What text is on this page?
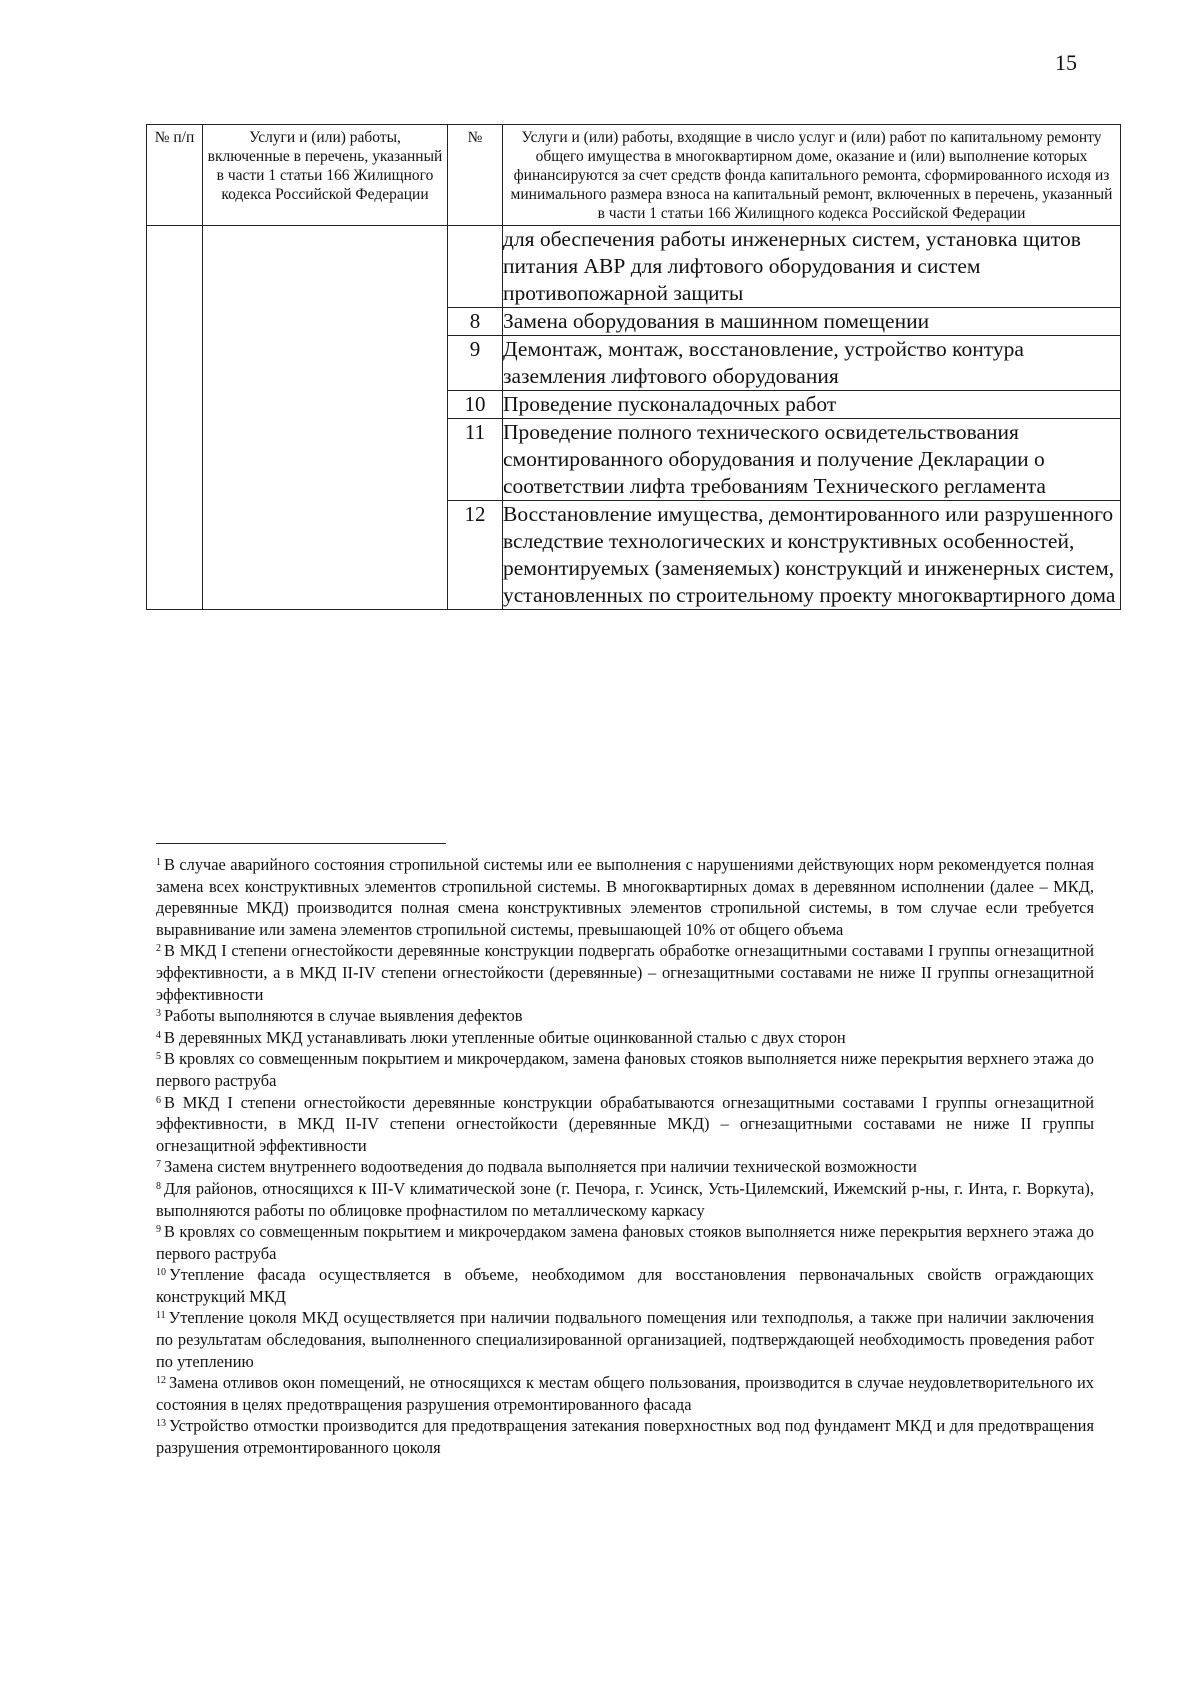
15
№ п/п	Услуги и (или) работы, включенные в перечень, указанный в части 1 статьи 166 Жилищного кодекса Российской Федерации	№	Услуги и (или) работы, входящие в число услуг и (или) работ по капитальному ремонту общего имущества в многоквартирном доме, оказание и (или) выполнение которых финансируются за счет средств фонда капитального ремонта, сформированного исходя из минимального размера взноса на капитальный ремонт, включенных в перечень, указанный в части 1 статьи 166 Жилищного кодекса Российской Федерации
			для обеспечения работы инженерных систем, установка щитов питания АВР для лифтового оборудования и систем противопожарной защиты
		8	Замена оборудования в машинном помещении
		9	Демонтаж, монтаж, восстановление, устройство контура заземления лифтового оборудования
		10	Проведение пусконаладочных работ
		11	Проведение полного технического освидетельствования смонтированного оборудования и получение Декларации о соответствии лифта требованиям Технического регламента
		12	Восстановление имущества, демонтированного или разрушенного вследствие технологических и конструктивных особенностей, ремонтируемых (заменяемых) конструкций и инженерных систем, установленных по строительному проекту многоквартирного дома

$^1$ В случае аварийного состояния стропильной системы или ее выполнения с нарушениями действующих норм рекомендуется полная замена всех конструктивных элементов стропильной системы. В многоквартирных домах в деревянном исполнении (далее – МКД, деревянные МКД) производится полная смена конструктивных элементов стропильной системы, в том случае если требуется выравнивание или замена элементов стропильной системы, превышающей 10% от общего объема

$^2$ В МКД I степени огнестойкости деревянные конструкции подвергать обработке огнезащитными составами I группы огнезащитной эффективности, а в МКД II-IV степени огнестойкости (деревянные) – огнезащитными составами не ниже II группы огнезащитной эффективности

$^3$ Работы выполняются в случае выявления дефектов

$^4$ В деревянных МКД устанавливать люки утепленные обитые оцинкованной сталью с двух сторон

$^5$ В кровлях со совмещенным покрытием и микрочердаком, замена фановых стояков выполняется ниже перекрытия верхнего этажа до первого раструба

$^6$ В МКД I степени огнестойкости деревянные конструкции обрабатываются огнезащитными составами I группы огнезащитной эффективности, в МКД II-IV степени огнестойкости (деревянные МКД) – огнезащитными составами не ниже II группы огнезащитной эффективности

$^7$ Замена систем внутреннего водоотведения до подвала выполняется при наличии технической возможности

$^8$ Для районов, относящихся к III-V климатической зоне (г. Печора, г. Усинск, Усть-Цилемский, Ижемский р-ны, г. Инта, г. Воркута), выполняются работы по облицовке профнастилом по металлическому каркасу

$^9$ В кровлях со совмещенным покрытием и микрочердаком замена фановых стояков выполняется ниже перекрытия верхнего этажа до первого раструба

$^{10}$ Утепление фасада осуществляется в объеме, необходимом для восстановления первоначальных свойств ограждающих конструкций МКД

$^{11}$ Утепление цоколя МКД осуществляется при наличии подвального помещения или техподполья, а также при наличии заключения по результатам обследования, выполненного специализированной организацией, подтверждающей необходимость проведения работ по утеплению

$^{12}$ Замена отливов окон помещений, не относящихся к местам общего пользования, производится в случае неудовлетворительного их состояния в целях предотвращения разрушения отремонтированного фасада

$^{13}$ Устройство отмостки производится для предотвращения затекания поверхностных вод под фундамент МКД и для предотвращения разрушения отремонтированного цоколя
